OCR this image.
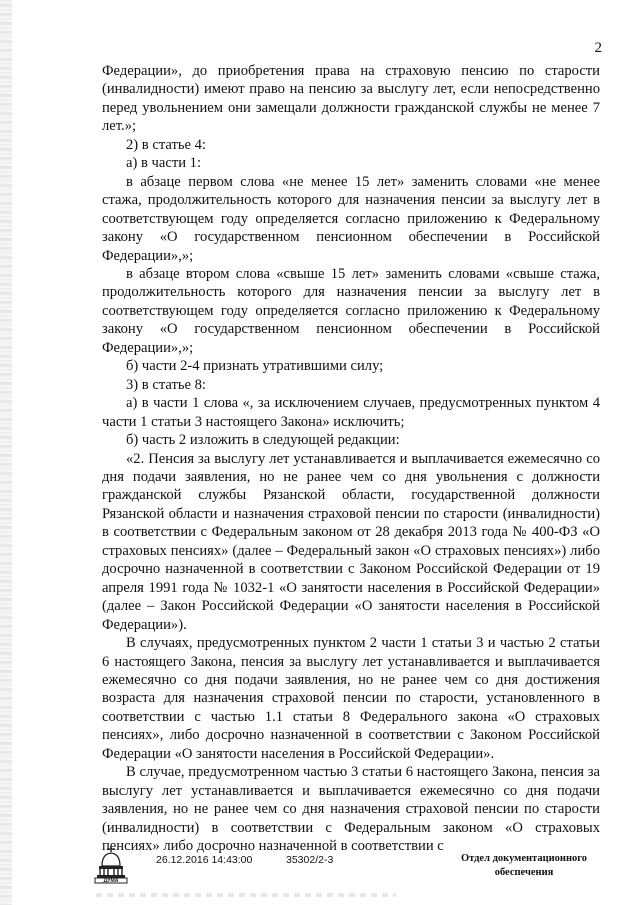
2

Федерации», до приобретения права на страховую пенсию по старости (инвалидности) имеют право на пенсию за выслугу лет, если непосредственно перед увольнением они замещали должности гражданской службы не менее 7 лет.»;

2) в статье 4:

а) в части 1:

в абзаце первом слова «не менее 15 лет» заменить словами «не менее стажа, продолжительность которого для назначения пенсии за выслугу лет в соответствующем году определяется согласно приложению к Федеральному закону «О государственном пенсионном обеспечении в Российской Федерации»,»;

в абзаце втором слова «свыше 15 лет» заменить словами «свыше стажа, продолжительность которого для назначения пенсии за выслугу лет в соответствующем году определяется согласно приложению к Федеральному закону «О государственном пенсионном обеспечении в Российской Федерации»,»;

б) части 2-4 признать утратившими силу;

3) в статье 8:

а) в части 1 слова «, за исключением случаев, предусмотренных пунктом 4 части 1 статьи 3 настоящего Закона» исключить;

б) часть 2 изложить в следующей редакции:

«2. Пенсия за выслугу лет устанавливается и выплачивается ежемесячно со дня подачи заявления, но не ранее чем со дня увольнения с должности гражданской службы Рязанской области, государственной должности Рязанской области и назначения страховой пенсии по старости (инвалидности) в соответствии с Федеральным законом от 28 декабря 2013 года № 400-ФЗ «О страховых пенсиях» (далее – Федеральный закон «О страховых пенсиях») либо досрочно назначенной в соответствии с Законом Российской Федерации от 19 апреля 1991 года № 1032-1 «О занятости населения в Российской Федерации» (далее – Закон Российской Федерации «О занятости населения в Российской Федерации»).

В случаях, предусмотренных пунктом 2 части 1 статьи 3 и частью 2 статьи 6 настоящего Закона, пенсия за выслугу лет устанавливается и выплачивается ежемесячно со дня подачи заявления, но не ранее чем со дня достижения возраста для назначения страховой пенсии по старости, установленного в соответствии с частью 1.1 статьи 8 Федерального закона «О страховых пенсиях», либо досрочно назначенной в соответствии с Законом Российской Федерации «О занятости населения в Российской Федерации».

В случае, предусмотренном частью 3 статьи 6 настоящего Закона, пенсия за выслугу лет устанавливается и выплачивается ежемесячно со дня подачи заявления, но не ранее чем со дня назначения страховой пенсии по старости (инвалидности) в соответствии с Федеральным законом «О страховых пенсиях» либо досрочно назначенной в соответствии с

ДУМА
26.12.2016 14:43:00	35302/2-3	Отдел документационного
обеспечения
